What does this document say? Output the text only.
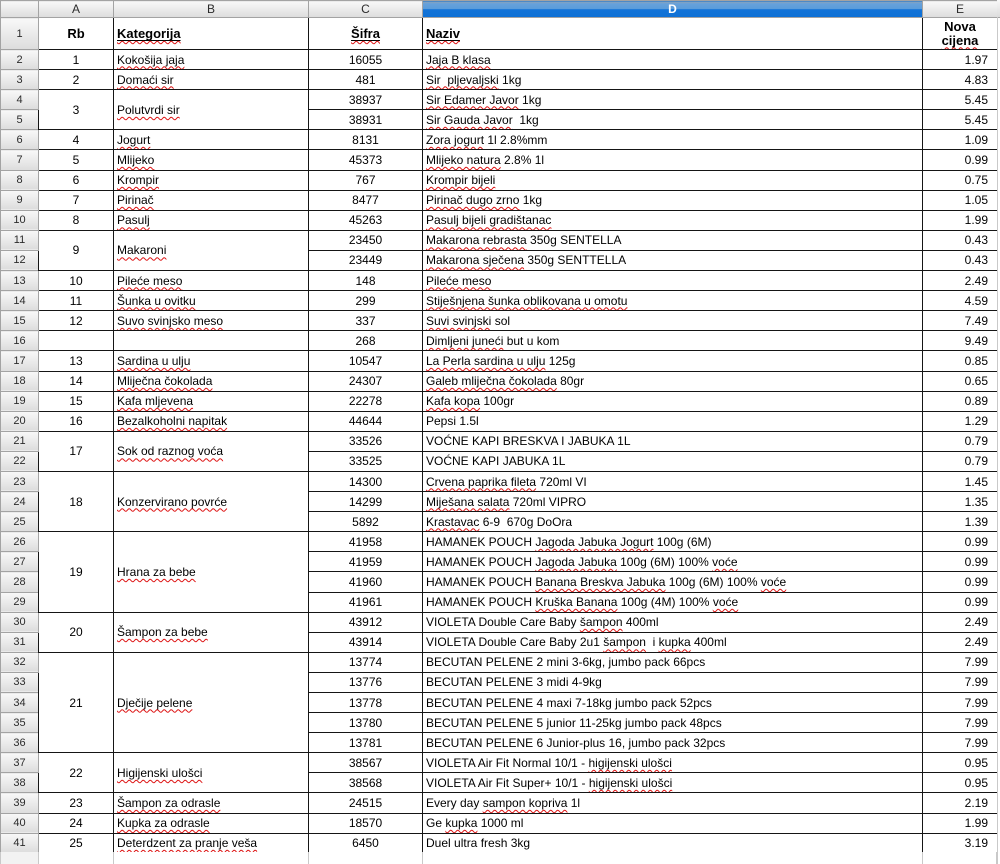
	A	B	C	D	E
1	Rb	Kategorija	Šifra	Naziv	Nova cijena
2	1	Kokošija jaja	16055	Jaja B klasa	1.97
3	2	Domaći sir	481	Sir  pljevaljski 1kg	4.83
4	3	Polutvrdi sir	38937	Sir Edamer Javor 1kg	5.45
5			38931	Sir Gauda Javor  1kg	5.45
6	4	Jogurt	8131	Zora jogurt 1l 2.8%mm	1.09
7	5	Mlijeko	45373	Mlijeko natura 2.8% 1l	0.99
8	6	Krompir	767	Krompir bijeli	0.75
9	7	Pirinač	8477	Pirinač dugo zrno 1kg	1.05
10	8	Pasulj	45263	Pasulj bijeli gradištanac	1.99
11	9	Makaroni	23450	Makarona rebrasta 350g SENTELLA	0.43
12			23449	Makarona sječena 350g SENTTELLA	0.43
13	10	Pileće meso	148	Pileće meso	2.49
14	11	Šunka u ovitku	299	Stiješnjena šunka oblikovana u omotu	4.59
15	12	Suvo svinjsko meso	337	Suvi svinjski sol	7.49
16			268	Dimljeni juneći but u kom	9.49
17	13	Sardina u ulju	10547	La Perla sardina u ulju 125g	0.85
18	14	Mliječna čokolada	24307	Galeb mliječna čokolada 80gr	0.65
19	15	Kafa mljevena	22278	Kafa kopa 100gr	0.89
20	16	Bezalkoholni napitak	44644	Pepsi 1.5l	1.29
21	17	Sok od raznog voća	33526	VOĆNE KAPI BRESKVA I JABUKA 1L	0.79
22			33525	VOĆNE KAPI JABUKA 1L	0.79
23	18	Konzervirano povrće	14300	Crvena paprika fileta 720ml VI	1.45
24			14299	Miješana salata 720ml VIPRO	1.35
25			5892	Krastavac 6-9  670g DoOra	1.39
26	19	Hrana za bebe	41958	HAMANEK POUCH Jagoda Jabuka Jogurt 100g (6M)	0.99
27			41959	HAMANEK POUCH Jagoda Jabuka 100g (6M) 100% voće	0.99
28			41960	HAMANEK POUCH Banana Breskva Jabuka 100g (6M) 100% voće	0.99
29			41961	HAMANEK POUCH Kruška Banana 100g (4M) 100% voće	0.99
30	20	Šampon za bebe	43912	VIOLETA Double Care Baby šampon 400ml	2.49
31			43914	VIOLETA Double Care Baby 2u1 šampon  i kupka 400ml	2.49
32	21	Dječije pelene	13774	BECUTAN PELENE 2 mini 3-6kg, jumbo pack 66pcs	7.99
33			13776	BECUTAN PELENE 3 midi 4-9kg	7.99
34			13778	BECUTAN PELENE 4 maxi 7-18kg jumbo pack 52pcs	7.99
35			13780	BECUTAN PELENE 5 junior 11-25kg jumbo pack 48pcs	7.99
36			13781	BECUTAN PELENE 6 Junior-plus 16, jumbo pack 32pcs	7.99
37	22	Higijenski ulošci	38567	VIOLETA Air Fit Normal 10/1 - higijenski ulošci	0.95
38			38568	VIOLETA Air Fit Super+ 10/1 - higijenski ulošci	0.95
39	23	Šampon za odrasle	24515	Every day sampon kopriva 1l	2.19
40	24	Kupka za odrasle	18570	Ge kupka 1000 ml	1.99
41	25	Deterdzent za pranje veša	6450	Duel ultra fresh 3kg	3.19
